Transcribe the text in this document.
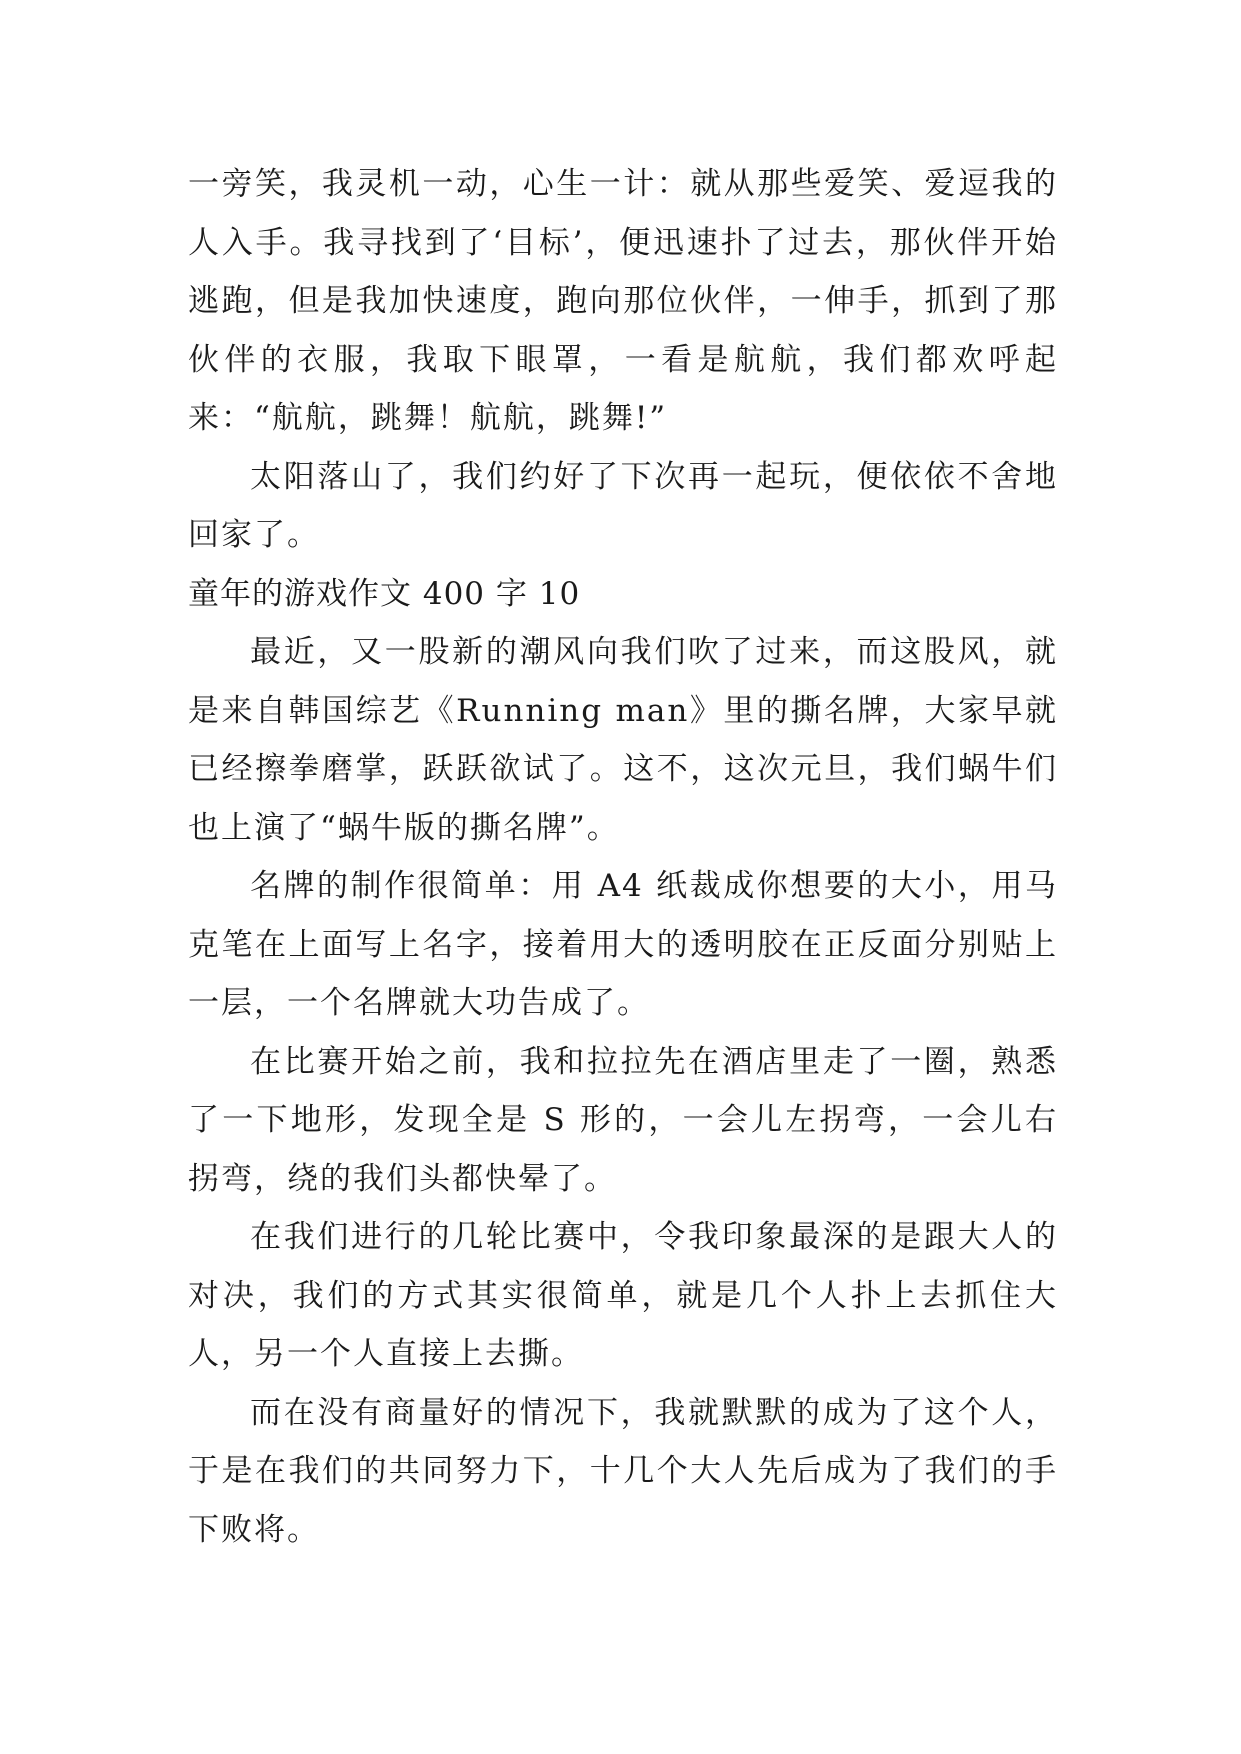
一旁笑，我灵机一动，心生一计：就从那些爱笑、爱逗我的人入手。我寻找到了‘目标’，便迅速扑了过去，那伙伴开始逃跑，但是我加快速度，跑向那位伙伴，一伸手，抓到了那伙伴的衣服，我取下眼罩，一看是航航，我们都欢呼起来：“航航，跳舞！航航，跳舞!”

太阳落山了，我们约好了下次再一起玩，便依依不舍地回家了。

童年的游戏作文 400 字 10

最近，又一股新的潮风向我们吹了过来，而这股风，就是来自韩国综艺《Running man》里的撕名牌，大家早就已经擦拳磨掌，跃跃欲试了。这不，这次元旦，我们蜗牛们也上演了“蜗牛版的撕名牌”。

名牌的制作很简单：用 A4 纸裁成你想要的大小，用马克笔在上面写上名字，接着用大的透明胶在正反面分别贴上一层，一个名牌就大功告成了。

在比赛开始之前，我和拉拉先在酒店里走了一圈，熟悉了一下地形，发现全是 S 形的，一会儿左拐弯，一会儿右拐弯，绕的我们头都快晕了。

在我们进行的几轮比赛中，令我印象最深的是跟大人的对决，我们的方式其实很简单，就是几个人扑上去抓住大人，另一个人直接上去撕。

而在没有商量好的情况下，我就默默的成为了这个人，于是在我们的共同努力下，十几个大人先后成为了我们的手下败将。
